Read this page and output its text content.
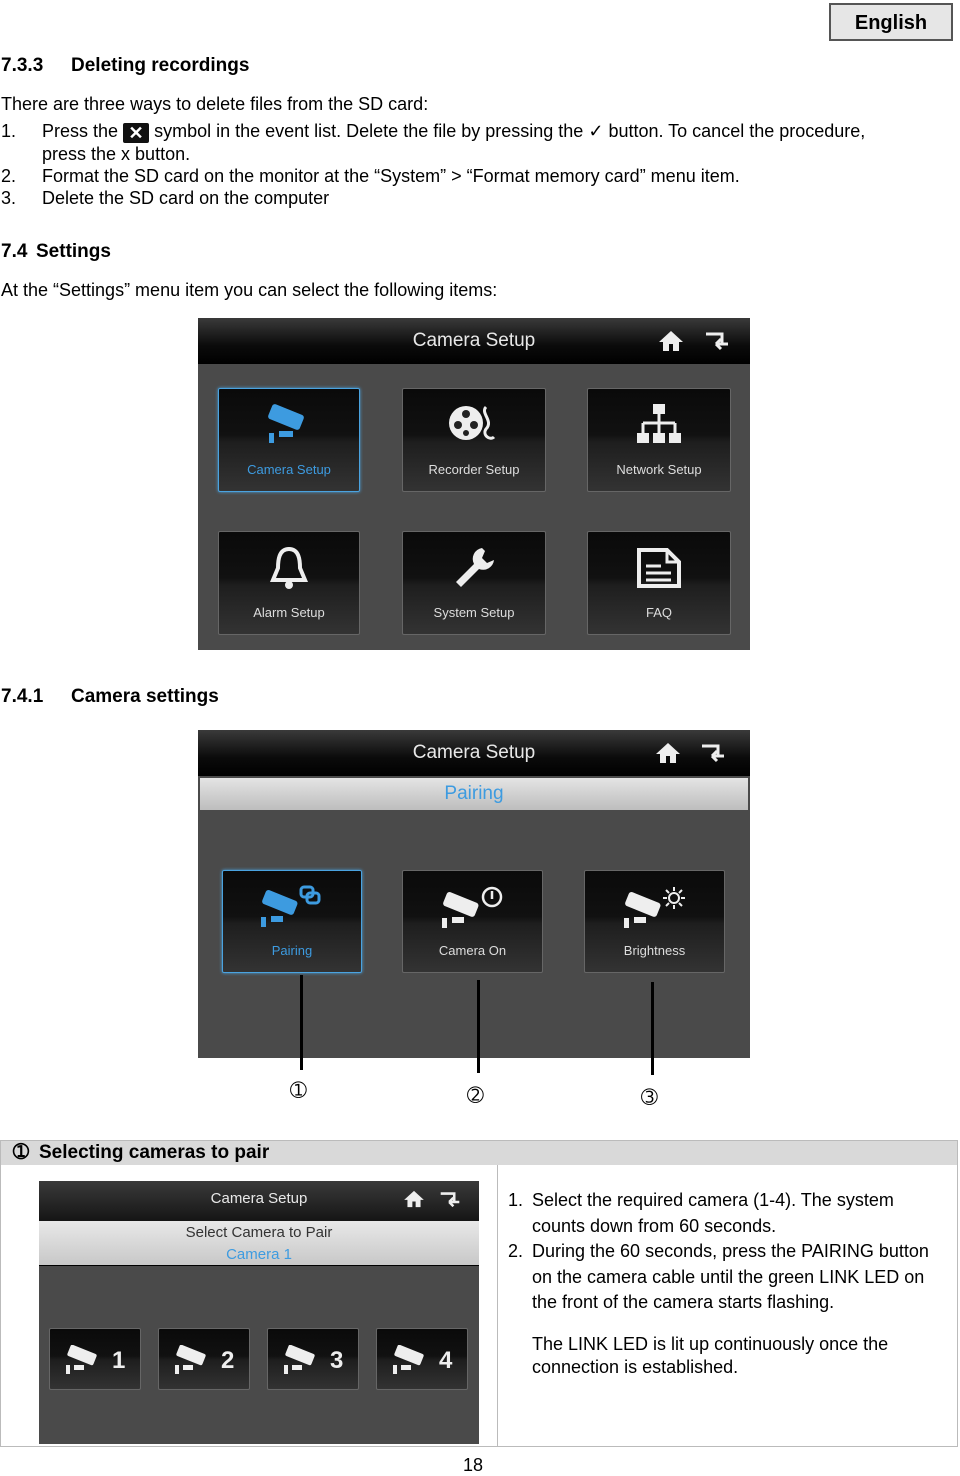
English
7.3.3 Deleting recordings
There are three ways to delete files from the SD card:
1. Press the ✕ symbol in the event list. Delete the file by pressing the ✓ button. To cancel the procedure,
press the x button.
2. Format the SD card on the monitor at the “System” > “Format memory card” menu item.
3. Delete the SD card on the computer
7.4 Settings
At the “Settings” menu item you can select the following items:
Camera Setup
Camera Setup	Recorder Setup	Network Setup
Alarm Setup	System Setup	FAQ
7.4.1 Camera settings
Camera Setup
Pairing
Pairing	Camera On	Brightness
➀	➁	➂
➀ Selecting cameras to pair
Camera Setup
Select Camera to Pair
Camera 1
1	2	3	4
1. Select the required camera (1-4). The system counts down from 60 seconds.
2. During the 60 seconds, press the PAIRING button on the camera cable until the green LINK LED on the front of the camera starts flashing.
The LINK LED is lit up continuously once the connection is established.
18
